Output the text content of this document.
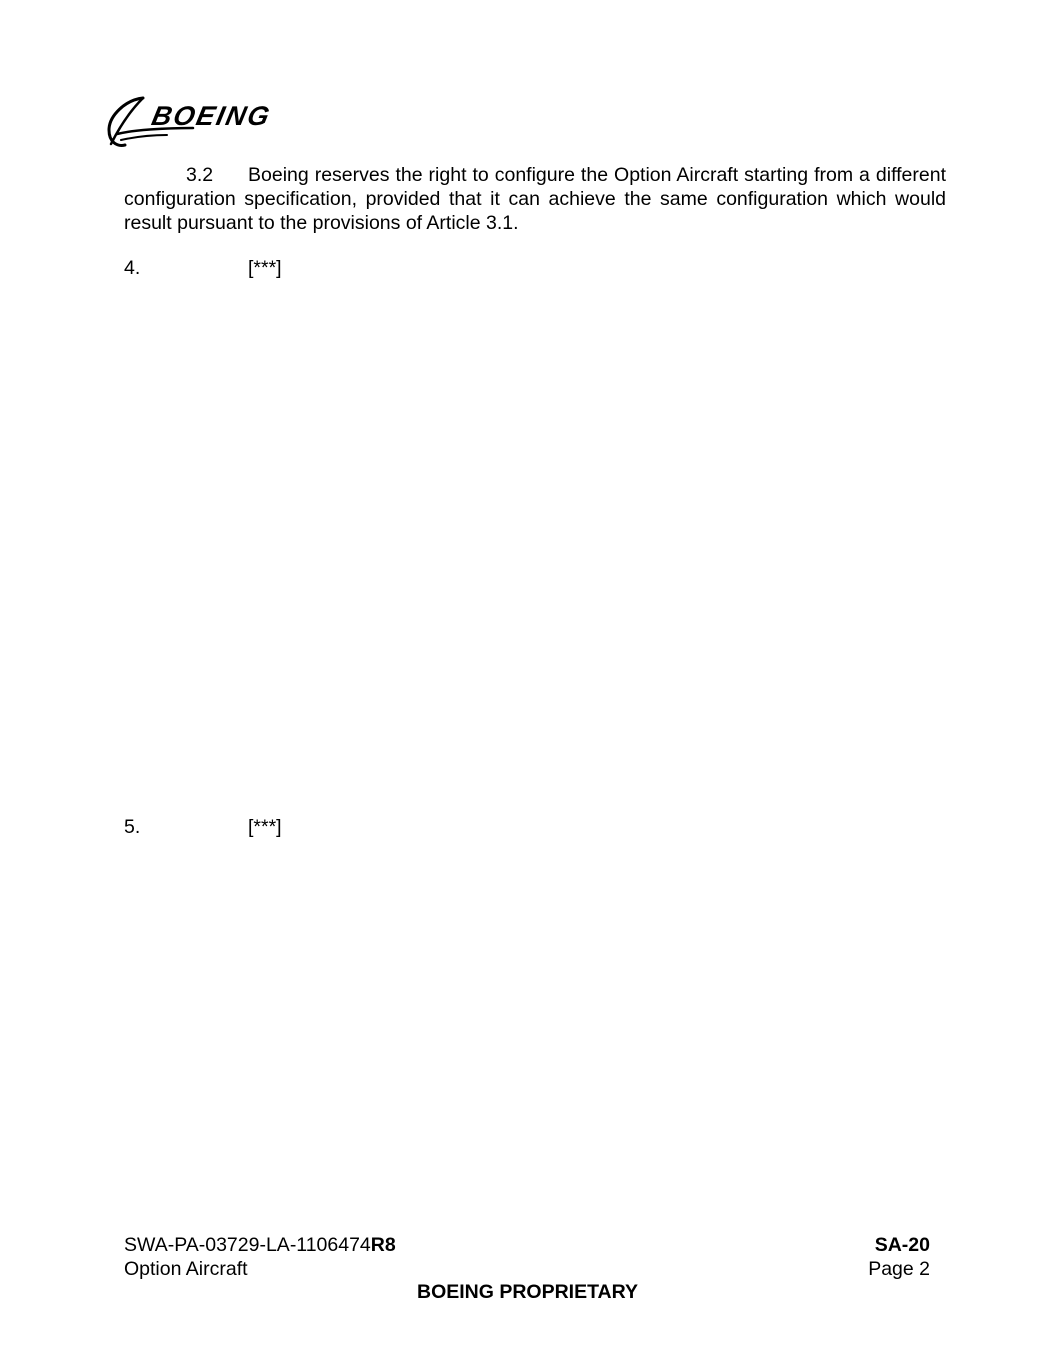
BOEING
3.2 Boeing reserves the right to configure the Option Aircraft starting from a different configuration specification, provided that it can achieve the same configuration which would result pursuant to the provisions of Article 3.1.
4.	[***]
5.	[***]
SWA-PA-03729-LA-1106474R8
Option Aircraft
SA-20
Page 2
BOEING PROPRIETARY
